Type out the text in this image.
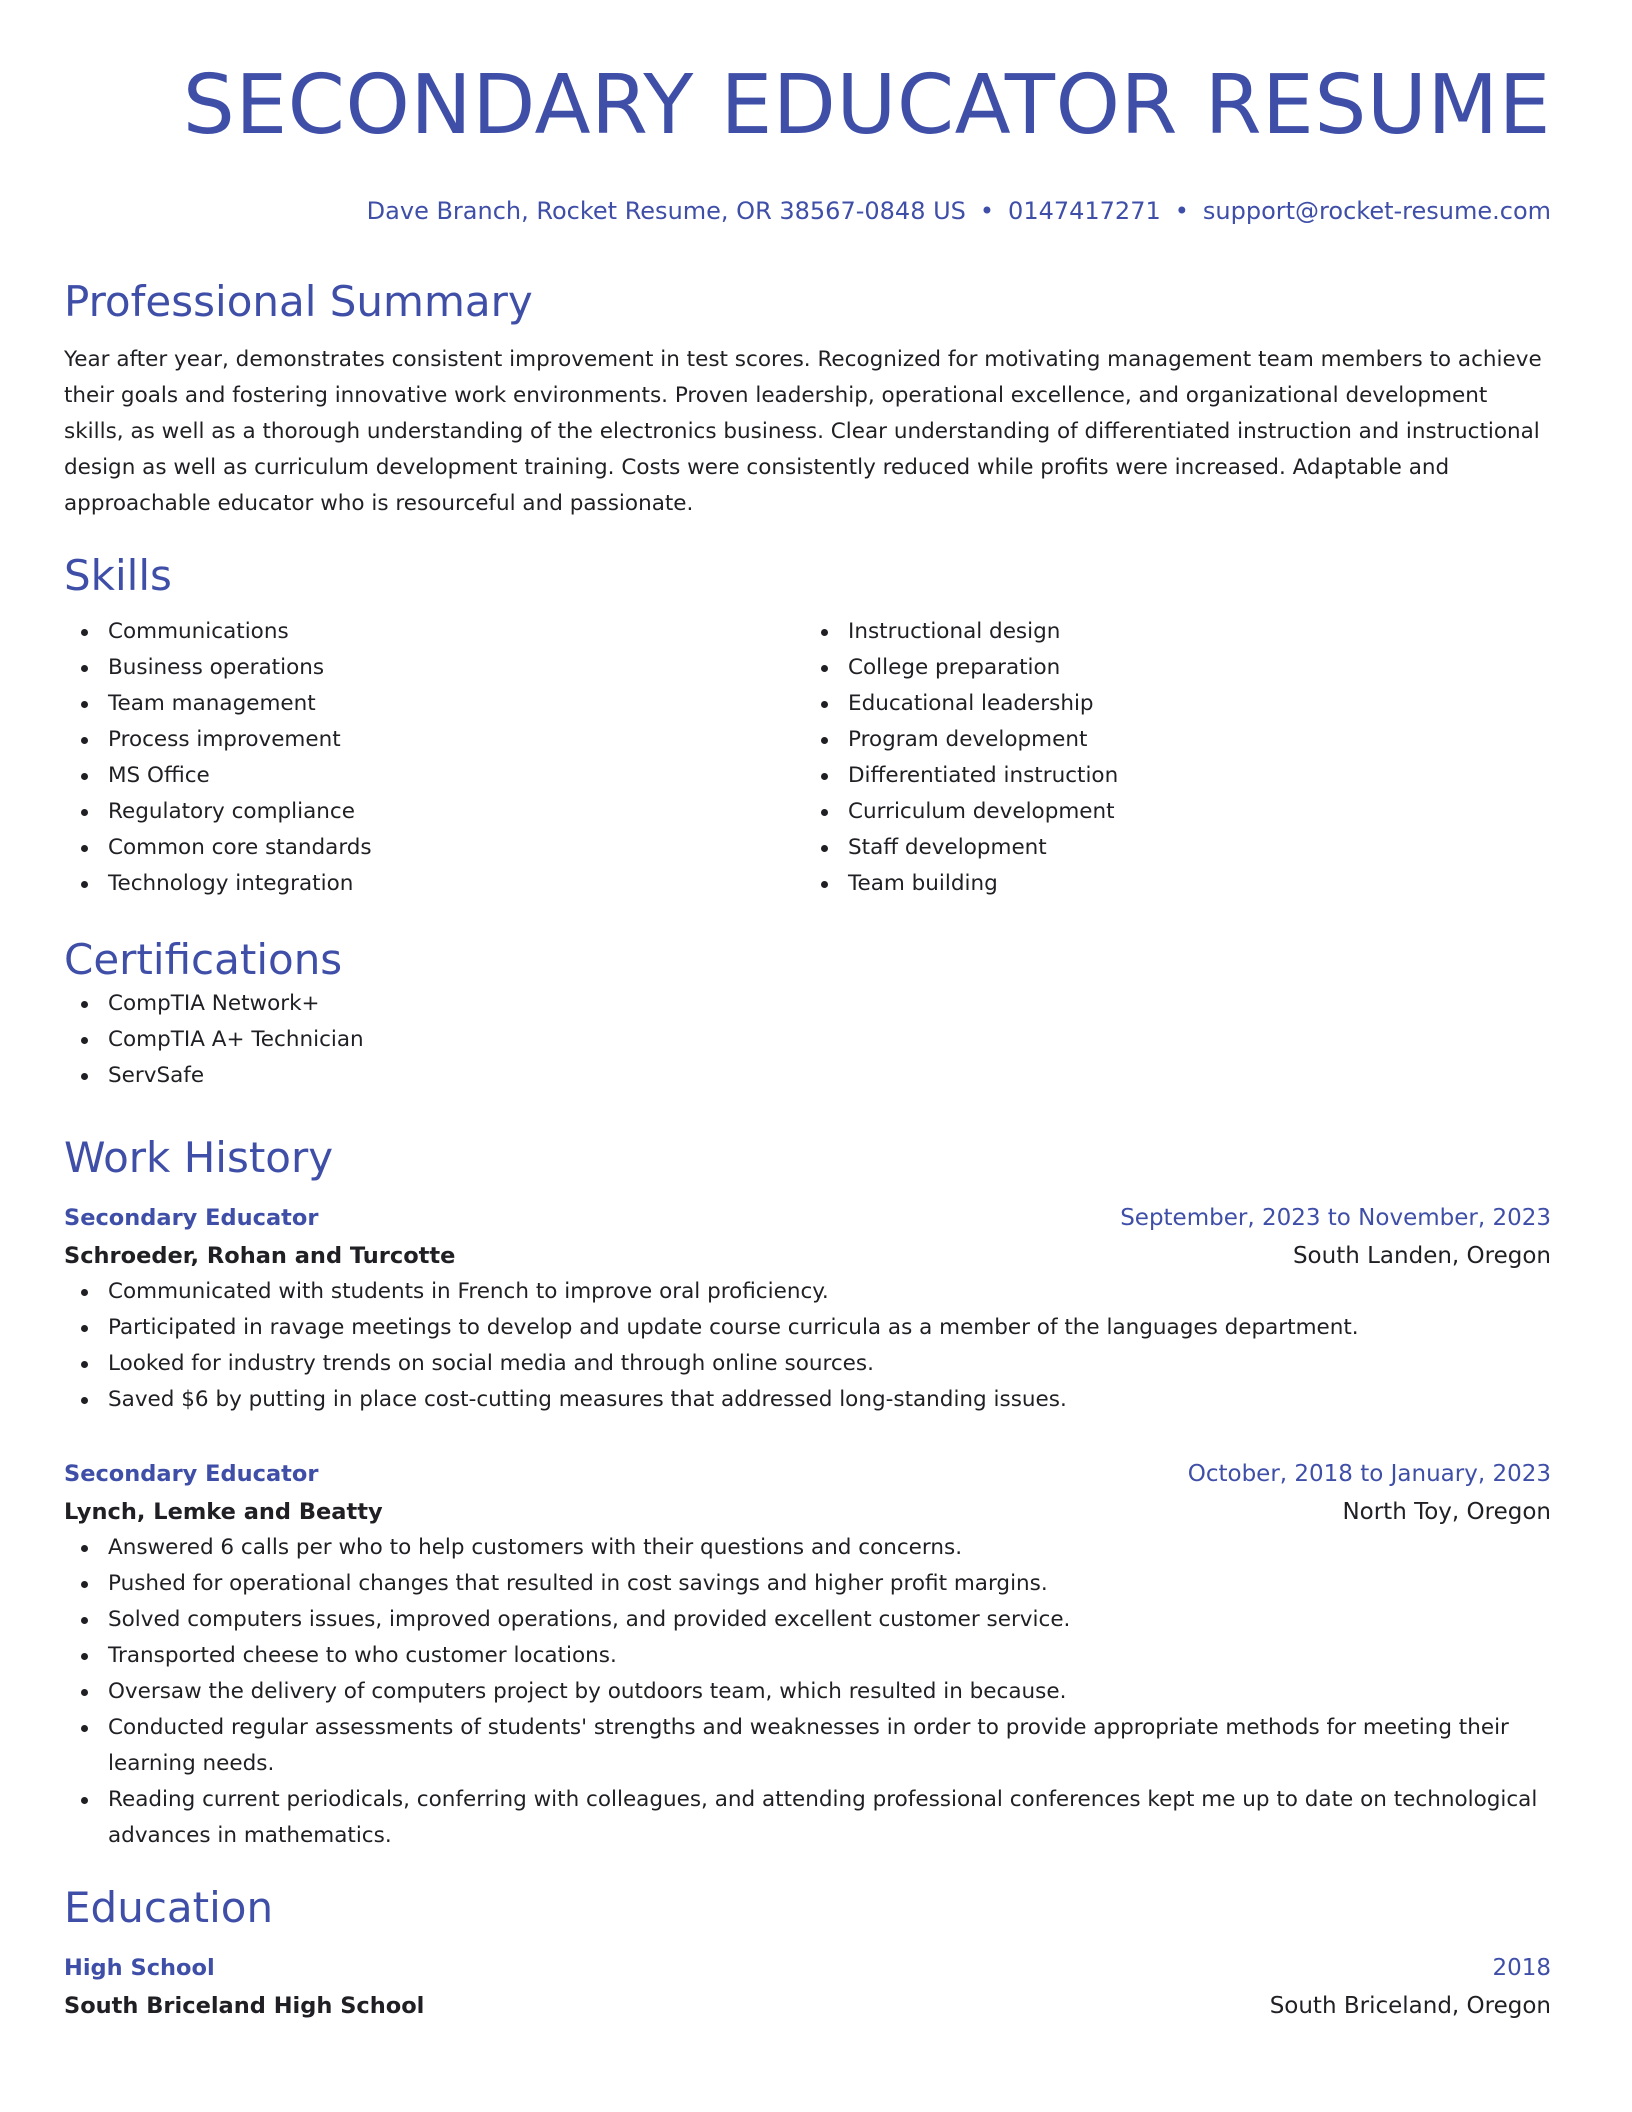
SECONDARY EDUCATOR RESUME
Dave Branch, Rocket Resume, OR 38567-0848 US • 0147417271 • support@rocket-resume.com
Professional Summary
Year after year, demonstrates consistent improvement in test scores. Recognized for motivating management team members to achieve their goals and fostering innovative work environments. Proven leadership, operational excellence, and organizational development skills, as well as a thorough understanding of the electronics business. Clear understanding of differentiated instruction and instructional design as well as curriculum development training. Costs were consistently reduced while profits were increased. Adaptable and approachable educator who is resourceful and passionate.
Skills
Communications
Business operations
Team management
Process improvement
MS Office
Regulatory compliance
Common core standards
Technology integration
Instructional design
College preparation
Educational leadership
Program development
Differentiated instruction
Curriculum development
Staff development
Team building
Certifications
CompTIA Network+
CompTIA A+ Technician
ServSafe
Work History
Secondary Educator	September, 2023 to November, 2023
Schroeder, Rohan and Turcotte	South Landen, Oregon
Communicated with students in French to improve oral proficiency.
Participated in ravage meetings to develop and update course curricula as a member of the languages department.
Looked for industry trends on social media and through online sources.
Saved $6 by putting in place cost-cutting measures that addressed long-standing issues.
Secondary Educator	October, 2018 to January, 2023
Lynch, Lemke and Beatty	North Toy, Oregon
Answered 6 calls per who to help customers with their questions and concerns.
Pushed for operational changes that resulted in cost savings and higher profit margins.
Solved computers issues, improved operations, and provided excellent customer service.
Transported cheese to who customer locations.
Oversaw the delivery of computers project by outdoors team, which resulted in because.
Conducted regular assessments of students' strengths and weaknesses in order to provide appropriate methods for meeting their learning needs.
Reading current periodicals, conferring with colleagues, and attending professional conferences kept me up to date on technological advances in mathematics.
Education
High School	2018
South Briceland High School	South Briceland, Oregon
